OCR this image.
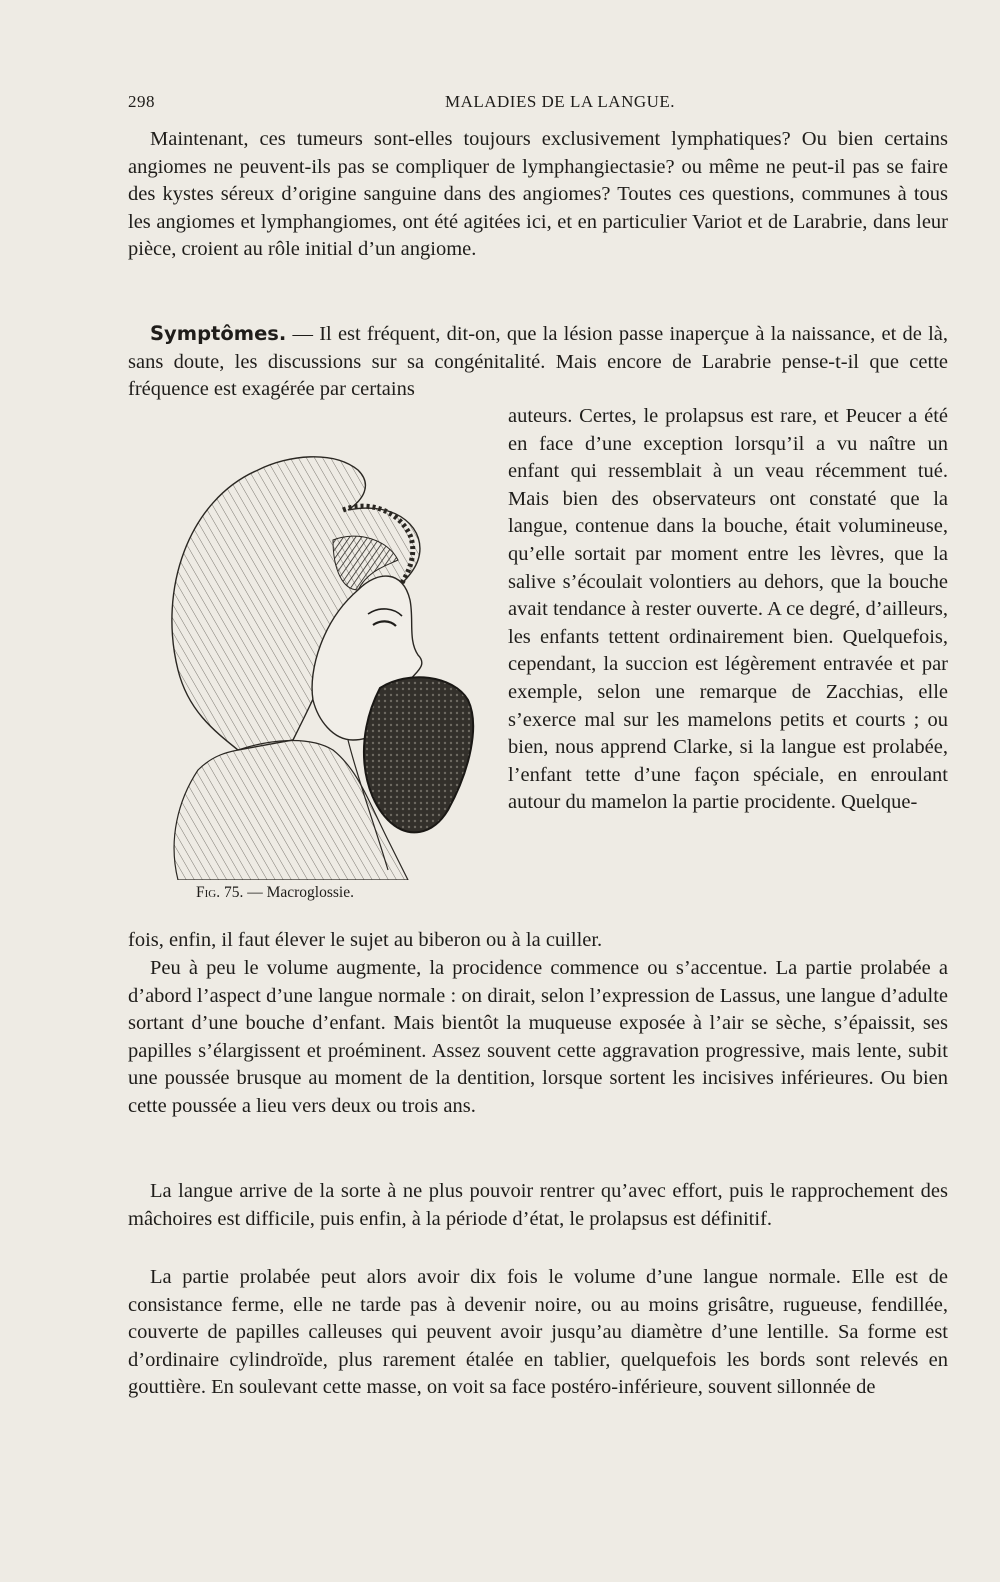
298	MALADIES DE LA LANGUE.
Maintenant, ces tumeurs sont-elles toujours exclusivement lymphatiques? Ou bien certains angiomes ne peuvent-ils pas se compliquer de lymphangiectasie? ou même ne peut-il pas se faire des kystes séreux d’origine sanguine dans des angiomes? Toutes ces questions, communes à tous les angiomes et lymphangiomes, ont été agitées ici, et en particulier Variot et de Larabrie, dans leur pièce, croient au rôle initial d’un angiome.
Symptômes. — Il est fréquent, dit-on, que la lésion passe inaperçue à la naissance, et de là, sans doute, les discussions sur sa congénitalité. Mais encore de Larabrie pense-t-il que cette fréquence est exagérée par certains
auteurs. Certes, le prolapsus est rare, et Peucer a été en face d’une exception lorsqu’il a vu naître un enfant qui ressemblait à un veau récemment tué. Mais bien des observateurs ont constaté que la langue, contenue dans la bouche, était volumineuse, qu’elle sortait par moment entre les lèvres, que la salive s’écoulait volontiers au dehors, que la bouche avait tendance à rester ouverte. A ce degré, d’ailleurs, les enfants tettent ordinairement bien. Quelquefois, cependant, la succion est légèrement entravée et par exemple, selon une remarque de Zacchias, elle s’exerce mal sur les mamelons petits et courts ; ou bien, nous apprend Clarke, si la langue est prolabée, l’enfant tette d’une façon spéciale, en enroulant autour du mamelon la partie procidente. Quelque-
fois, enfin, il faut élever le sujet au biberon ou à la cuiller.
Fig. 75. — Macroglossie.
Peu à peu le volume augmente, la procidence commence ou s’accentue. La partie prolabée a d’abord l’aspect d’une langue normale : on dirait, selon l’expression de Lassus, une langue d’adulte sortant d’une bouche d’enfant. Mais bientôt la muqueuse exposée à l’air se sèche, s’épaissit, ses papilles s’élargissent et proéminent. Assez souvent cette aggravation progressive, mais lente, subit une poussée brusque au moment de la dentition, lorsque sortent les incisives inférieures. Ou bien cette poussée a lieu vers deux ou trois ans.
La langue arrive de la sorte à ne plus pouvoir rentrer qu’avec effort, puis le rapprochement des mâchoires est difficile, puis enfin, à la période d’état, le prolapsus est définitif.
La partie prolabée peut alors avoir dix fois le volume d’une langue normale. Elle est de consistance ferme, elle ne tarde pas à devenir noire, ou au moins grisâtre, rugueuse, fendillée, couverte de papilles calleuses qui peuvent avoir jusqu’au diamètre d’une lentille. Sa forme est d’ordinaire cylindroïde, plus rarement étalée en tablier, quelquefois les bords sont relevés en gouttière. En soulevant cette masse, on voit sa face postéro-inférieure, souvent sillonnée de
